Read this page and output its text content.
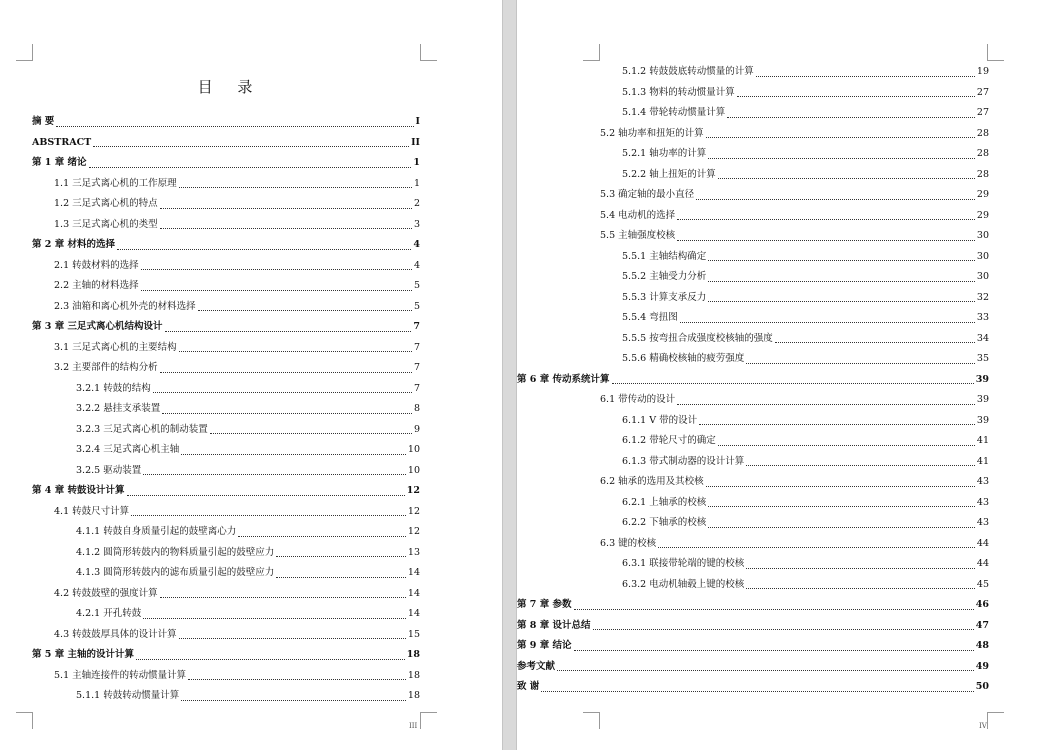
目 录
摘 要	I
ABSTRACT	II
第 1 章 绪论	1
1.1 三足式离心机的工作原理	1
1.2 三足式离心机的特点	2
1.3 三足式离心机的类型	3
第 2 章 材料的选择	4
2.1 转鼓材料的选择	4
2.2 主轴的材料选择	5
2.3 油箱和离心机外壳的材料选择	5
第 3 章 三足式离心机结构设计	7
3.1 三足式离心机的主要结构	7
3.2 主要部件的结构分析	7
3.2.1 转鼓的结构	7
3.2.2 悬挂支承装置	8
3.2.3 三足式离心机的制动装置	9
3.2.4 三足式离心机主轴	10
3.2.5 驱动装置	10
第 4 章 转鼓设计计算	12
4.1 转鼓尺寸计算	12
4.1.1 转鼓自身质量引起的鼓壁离心力	12
4.1.2 圆筒形转鼓内的物料质量引起的鼓壁应力	13
4.1.3 圆筒形转鼓内的滤布质量引起的鼓壁应力	14
4.2 转鼓鼓壁的强度计算	14
4.2.1 开孔转鼓	14
4.3 转鼓鼓厚具体的设计计算	15
第 5 章 主轴的设计计算	18
5.1 主轴连接件的转动惯量计算	18
5.1.1 转鼓转动惯量计算	18
III
5.1.2 转鼓鼓底转动惯量的计算	19
5.1.3 物料的转动惯量计算	27
5.1.4 带轮转动惯量计算	27
5.2 轴功率和扭矩的计算	28
5.2.1 轴功率的计算	28
5.2.2 轴上扭矩的计算	28
5.3 确定轴的最小直径	29
5.4 电动机的选择	29
5.5 主轴强度校核	30
5.5.1 主轴结构确定	30
5.5.2 主轴受力分析	30
5.5.3 计算支承反力	32
5.5.4 弯扭图	33
5.5.5 按弯扭合成强度校核轴的强度	34
5.5.6 精确校核轴的疲劳强度	35
第 6 章 传动系统计算	39
6.1 带传动的设计	39
6.1.1 V 带的设计	39
6.1.2 带轮尺寸的确定	41
6.1.3 带式制动器的设计计算	41
6.2 轴承的选用及其校核	43
6.2.1 上轴承的校核	43
6.2.2 下轴承的校核	43
6.3 键的校核	44
6.3.1 联接带轮端的键的校核	44
6.3.2 电动机轴毂上键的校核	45
第 7 章 参数	46
第 8 章 设计总结	47
第 9 章 结论	48
参考文献	49
致 谢	50
IV
